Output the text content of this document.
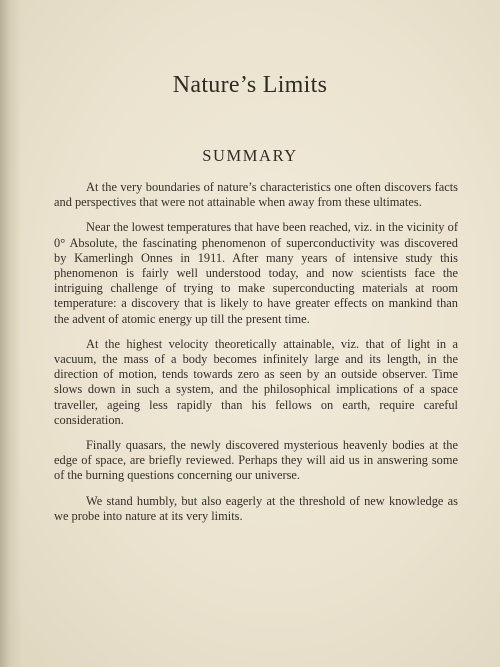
Nature’s Limits
SUMMARY

At the very boundaries of nature’s characteristics one often discovers facts and perspectives that were not attainable when away from these ultimates.

Near the lowest temperatures that have been reached, viz. in the vicinity of 0° Absolute, the fascinating phenomenon of superconductivity was discovered by Kamerlingh Onnes in 1911. After many years of intensive study this phenomenon is fairly well understood today, and now scientists face the intriguing challenge of trying to make superconducting materials at room temperature: a discovery that is likely to have greater effects on mankind than the advent of atomic energy up till the present time.

At the highest velocity theoretically attainable, viz. that of light in a vacuum, the mass of a body becomes infinitely large and its length, in the direction of motion, tends towards zero as seen by an outside observer. Time slows down in such a system, and the philosophical implications of a space traveller, ageing less rapidly than his fellows on earth, require careful consideration.

Finally quasars, the newly discovered mysterious heavenly bodies at the edge of space, are briefly reviewed. Perhaps they will aid us in answering some of the burning questions concerning our universe.

We stand humbly, but also eagerly at the threshold of new knowledge as we probe into nature at its very limits.
